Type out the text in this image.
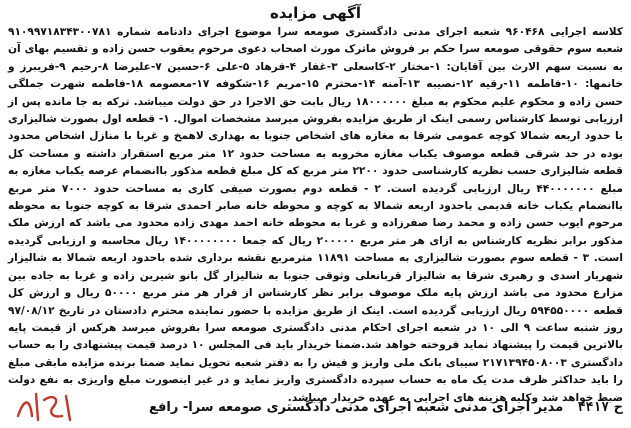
آگهی مزایده

کلاسه اجرایی ۹۶۰۴۶۸ شعبه اجرای مدنی دادگستری صومعه سرا موضوع اجرای دادنامه شماره ۹۱۰۹۹۷۱۸۳۴۳۰۰۷۸۱ شعبه سوم حقوقی صومعه سرا حکم بر فروش ماترک مورث اصحاب دعوی مرحوم یعقوب حسن زاده و تقسیم بهای آن به نسبت سهم الارث بین آقایان: ۱-مختار ۲-کاسعلی ۳-غفار ۴-فرهاد ۵-علی ۶-حسین ۷-علیرضا ۸-رحیم ۹-فریبرز و خانمها: ۱۰-فاطمه ۱۱-رقیه ۱۲-نصیبه ۱۳-آمنه ۱۴-محترم ۱۵-مریم ۱۶-شکوفه ۱۷-معصومه ۱۸-فاطمه شهرت جملگی حسن زاده و محکوم علیم محکوم به مبلغ ۱۸۰۰۰۰۰۰ ریال بابت حق الاجرا در حق دولت میباشد. ترکه به جا مانده پس از ارزیابی توسط کارشناس رسمی اینک از طریق مزایده بفروش میرسد مشخصات اموال. ۱- قطعه اول بصورت شالیزاری با حدود اربعه شمالا کوچه عمومی شرقا به مغازه های اشخاص جنوبا به بهداری لاهمخ و غربا با منازل اشخاص محدود بوده در حد شرقی قطعه موصوف یکباب مغازه مخروبه به مساحت حدود ۱۲ متر مربع استقرار داشته و مساحت کل قطعه شالیزاری حسب نظریه کارشناسی حدود ۲۲۰۰ متر مربع که کل مبلغ قطعه مذکور باانضمام عرصه یکباب مغازه به مبلغ ۴۴۰۰۰۰۰۰۰ ریال ارزیابی گردیده است. ۲ - قطعه دوم بصورت صیفی کاری به مساحت حدود ۷۰۰۰ متر مربع باانضمام یکباب خانه قدیمی باحدود اربعه شمالا به کوچه و محوطه خانه صابر احمدی شرقا به کوچه جنوبا به محوطه مرحوم ایوب حسن زاده و محمد رضا صفرزاده و غربا به محوطه خانه احمد مهدی زاده محدود می باشد که ارزش ملک مذکور برابر نظریه کارشناس به ازای هر متر مربع ۲۰۰۰۰۰ ریال که جمعا ۱۴۰۰۰۰۰۰۰۰ ریال محاسبه و ارزیابی گردیده است. ۳ - قطعه سوم بصورت شالیزاری به مساحت ۱۱۸۹۱ مترمربع نقشه برداری شده باحدود اربعه شمالا به شالیزار شهریار اسدی و رهبری شرقا به شالیزار قربانعلی وثوقی جنوبا به شالیزار گل بانو شیرین زاده و غربا به جاده بین مزارع محدود می باشد ارزش پایه ملک موصوف برابر نظر کارشناس از قرار هر متر مربع ۵۰۰۰۰ ریال و ارزش کل قطعه ۵۹۴۵۵۰۰۰۰ ریال ارزیابی گردیده است. اینک از طریق مزایده با حضور نماینده محترم دادستان در تاریخ ۹۷/۰۸/۱۲ روز شنبه ساعت ۹ الی ۱۰ در شعبه اجرای احکام مدنی دادگستری صومعه سرا بفروش میرسد هرکس از قیمت پایه بالاترین قیمت را پیشنهاد نماید فروخته خواهد شد.ضمنا خریدار باید فی المجلس ۱۰ درصد قیمت پیشنهادی را به حساب دادگستری ۲۱۷۱۳۹۴۵۰۸۰۰۳ سیبای بانک ملی واریز و فیش را به دفتر شعبه تحویل نماید ضمنا برنده مزایده مابقی مبلغ را باید حداکثر ظرف مدت یک ماه به حساب سپرده دادگستری واریز نماید و در غیر اینصورت مبلغ واریزی به نفع دولت ضبط خواهد شد وکلیه هزینه های اجرایی به عهده خریدار میباشد.

ح ۴۴۱۷ مدیر اجرای مدنی شعبه اجرای مدنی دادگستری صومعه سرا- رافع
